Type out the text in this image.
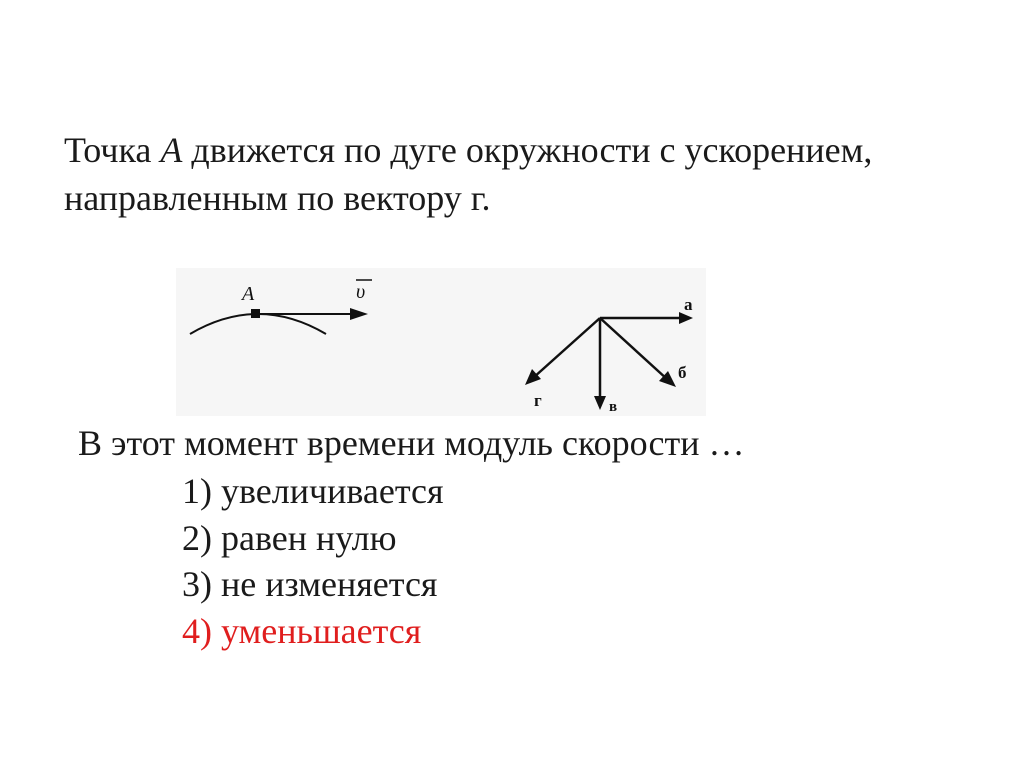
Точка А движется по дуге окружности с ускорением,
направленным по вектору г.
А	υ
а
б
в
г
В этот момент времени модуль скорости …
1) увеличивается
2) равен нулю
3) не изменяется
4) уменьшается
